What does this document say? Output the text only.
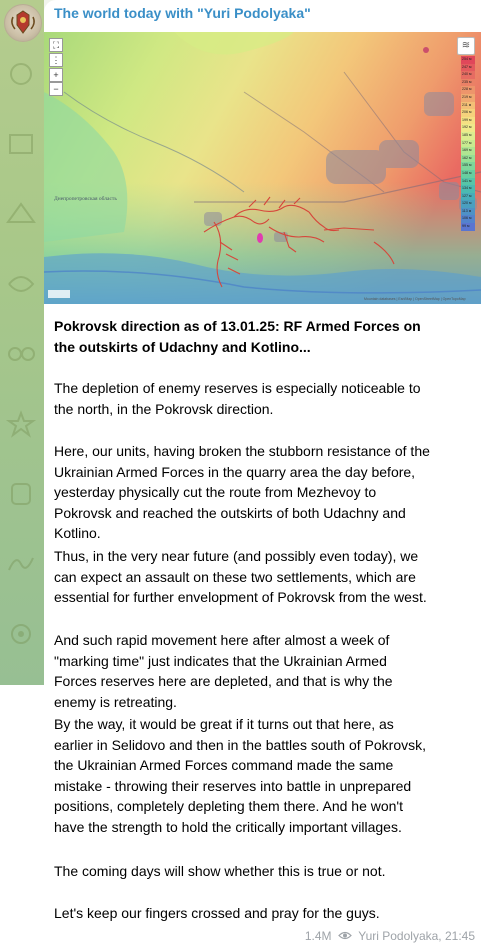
The world today with "Yuri Podolyaka"
Днепропетровская область
Mountain databases | Esri/Map | OpenStreetMap | OpenTopoMap
⛶
⋮
+
−
≋
254 м
247 м
240 м
235 м
228 м
219 м
211 м
206 м
199 м
192 м
185 м
177 м
169 м
162 м
155 м
148 м
141 м
134 м
127 м
120 м
113 м
106 м
99 м
Pokrovsk direction as of 13.01.25: RF Armed Forces on the outskirts of Udachny and Kotlino...
The depletion of enemy reserves is especially noticeable to the north, in the Pokrovsk direction.
Here, our units, having broken the stubborn resistance of the Ukrainian Armed Forces in the quarry area the day before, yesterday physically cut the route from Mezhevoy to Pokrovsk and reached the outskirts of both Udachny and Kotlino.
Thus, in the very near future (and possibly even today), we can expect an assault on these two settlements, which are essential for further envelopment of Pokrovsk from the west.
And such rapid movement here after almost a week of "marking time" just indicates that the Ukrainian Armed Forces reserves here are depleted, and that is why the enemy is retreating.
By the way, it would be great if it turns out that here, as earlier in Selidovo and then in the battles south of Pokrovsk, the Ukrainian Armed Forces command made the same mistake - throwing their reserves into battle in unprepared positions, completely depleting them there. And he won't have the strength to hold the critically important villages.
The coming days will show whether this is true or not.
Let's keep our fingers crossed and pray for the guys.
1.4M Yuri Podolyaka, 21:45
